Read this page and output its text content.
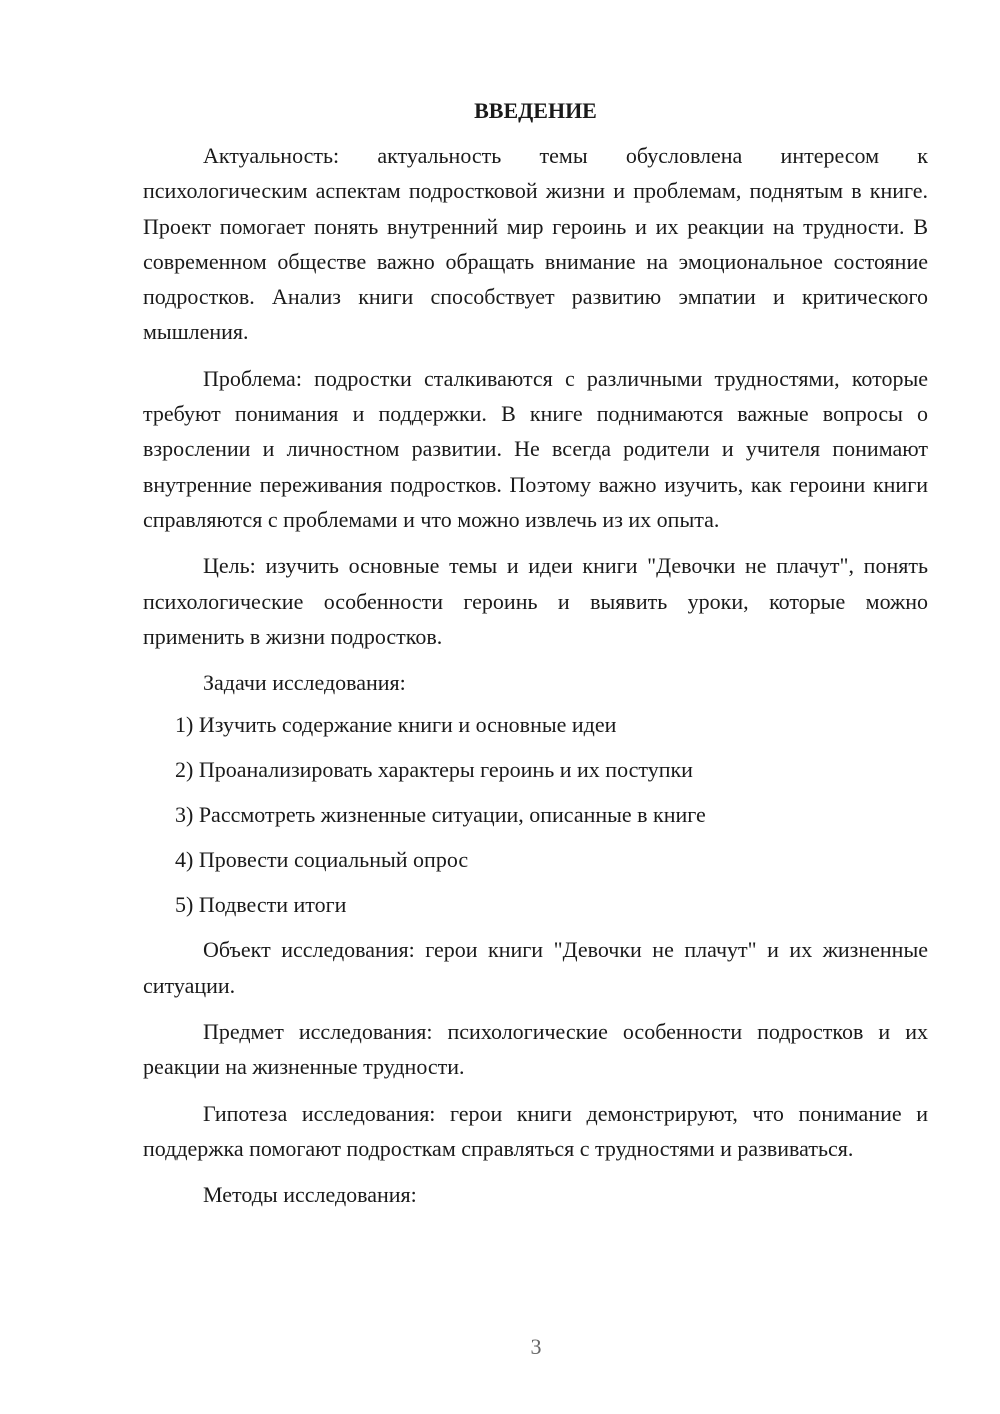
ВВЕДЕНИЕ

Актуальность: актуальность темы обусловлена интересом к психологическим аспектам подростковой жизни и проблемам, поднятым в книге. Проект помогает понять внутренний мир героинь и их реакции на трудности. В современном обществе важно обращать внимание на эмоциональное состояние подростков. Анализ книги способствует развитию эмпатии и критического мышления.

Проблема: подростки сталкиваются с различными трудностями, которые требуют понимания и поддержки. В книге поднимаются важные вопросы о взрослении и личностном развитии. Не всегда родители и учителя понимают внутренние переживания подростков. Поэтому важно изучить, как героини книги справляются с проблемами и что можно извлечь из их опыта.

Цель: изучить основные темы и идеи книги "Девочки не плачут", понять психологические особенности героинь и выявить уроки, которые можно применить в жизни подростков.

Задачи исследования:

1) Изучить содержание книги и основные идеи
2) Проанализировать характеры героинь и их поступки
3) Рассмотреть жизненные ситуации, описанные в книге
4) Провести социальный опрос
5) Подвести итоги

Объект исследования: герои книги "Девочки не плачут" и их жизненные ситуации.

Предмет исследования: психологические особенности подростков и их реакции на жизненные трудности.

Гипотеза исследования: герои книги демонстрируют, что понимание и поддержка помогают подросткам справляться с трудностями и развиваться.

Методы исследования:

3
